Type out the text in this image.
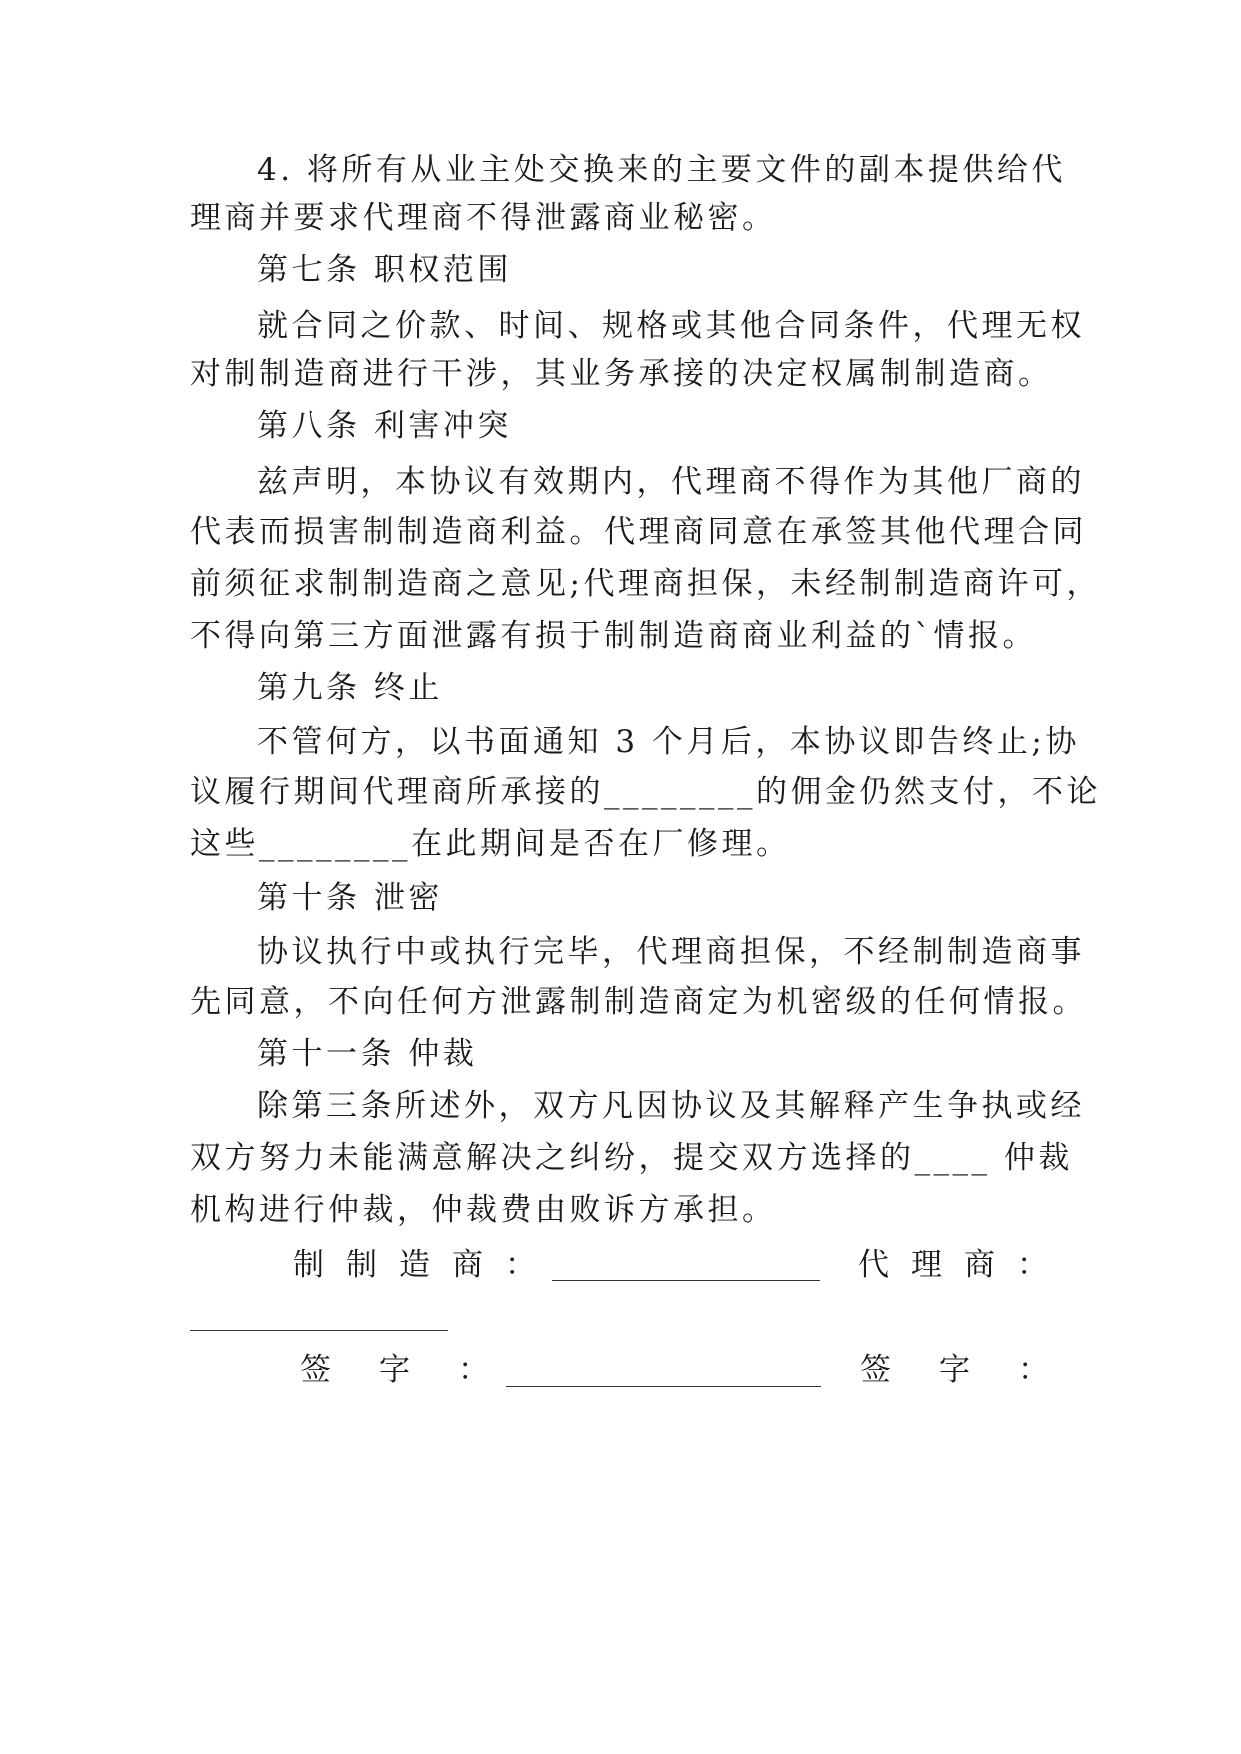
4. 将所有从业主处交换来的主要文件的副本提供给代
理商并要求代理商不得泄露商业秘密。
第七条 职权范围
就合同之价款、时间、规格或其他合同条件，代理无权
对制制造商进行干涉，其业务承接的决定权属制制造商。
第八条 利害冲突
兹声明，本协议有效期内，代理商不得作为其他厂商的
代表而损害制制造商利益。代理商同意在承签其他代理合同
前须征求制制造商之意见;代理商担保，未经制制造商许可，
不得向第三方面泄露有损于制制造商商业利益的`情报。
第九条 终止
不管何方，以书面通知 3 个月后，本协议即告终止;协
议履行期间代理商所承接的________的佣金仍然支付，不论
这些________在此期间是否在厂修理。
第十条 泄密
协议执行中或执行完毕，代理商担保，不经制制造商事
先同意，不向任何方泄露制制造商定为机密级的任何情报。
第十一条 仲裁
除第三条所述外，双方凡因协议及其解释产生争执或经
双方努力未能满意解决之纠纷，提交双方选择的____ 仲裁
机构进行仲裁，仲裁费由败诉方承担。
制制造商：	代理商：
签字：	签字：
